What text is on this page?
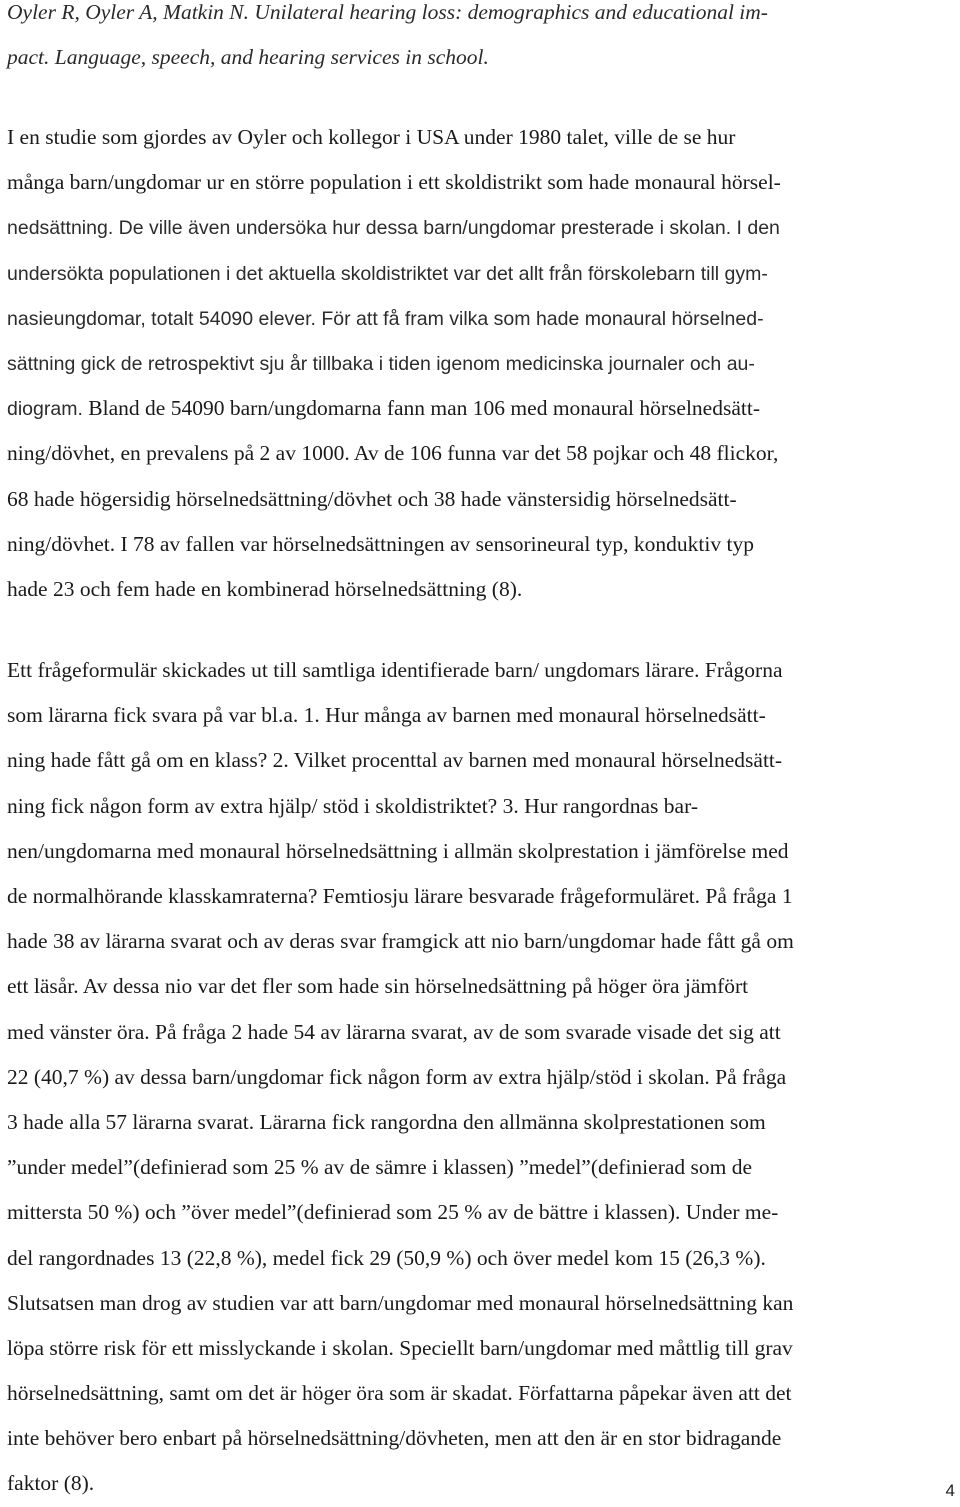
Oyler R, Oyler A, Matkin N. Unilateral hearing loss: demographics and educational im-

pact. Language, speech, and hearing services in school.

I en studie som gjordes av Oyler och kollegor i USA under 1980 talet, ville de se hur
många barn/ungdomar ur en större population i ett skoldistrikt som hade monaural hörsel-
nedsättning. De ville även undersöka hur dessa barn/ungdomar presterade i skolan. I den
undersökta populationen i det aktuella skoldistriktet var det allt från förskolebarn till gym-
nasieungdomar, totalt 54090 elever. För att få fram vilka som hade monaural hörselned-
sättning gick de retrospektivt sju år tillbaka i tiden igenom medicinska journaler och au-
diogram. Bland de 54090 barn/ungdomarna fann man 106 med monaural hörselnedsätt-
ning/dövhet, en prevalens på 2 av 1000. Av de 106 funna var det 58 pojkar och 48 flickor,
68 hade högersidig hörselnedsättning/dövhet och 38 hade vänstersidig hörselnedsätt-
ning/dövhet. I 78 av fallen var hörselnedsättningen av sensorineural typ, konduktiv typ
hade 23 och fem hade en kombinerad hörselnedsättning (8).
Ett frågeformulär skickades ut till samtliga identifierade barn/ ungdomars lärare. Frågorna
som lärarna fick svara på var bl.a. 1. Hur många av barnen med monaural hörselnedsätt-
ning hade fått gå om en klass? 2. Vilket procenttal av barnen med monaural hörselnedsätt-
ning fick någon form av extra hjälp/ stöd i skoldistriktet? 3. Hur rangordnas bar-
nen/ungdomarna med monaural hörselnedsättning i allmän skolprestation i jämförelse med
de normalhörande klasskamraterna? Femtiosju lärare besvarade frågeformuläret. På fråga 1
hade 38 av lärarna svarat och av deras svar framgick att nio barn/ungdomar hade fått gå om
ett läsår. Av dessa nio var det fler som hade sin hörselnedsättning på höger öra jämfört
med vänster öra. På fråga 2 hade 54 av lärarna svarat, av de som svarade visade det sig att
22 (40,7 %) av dessa barn/ungdomar fick någon form av extra hjälp/stöd i skolan. På fråga
3 hade alla 57 lärarna svarat. Lärarna fick rangordna den allmänna skolprestationen som
”under medel”(definierad som 25 % av de sämre i klassen) ”medel”(definierad som de
mittersta 50 %) och ”över medel”(definierad som 25 % av de bättre i klassen). Under me-
del rangordnades 13 (22,8 %), medel fick 29 (50,9 %) och över medel kom 15 (26,3 %).
Slutsatsen man drog av studien var att barn/ungdomar med monaural hörselnedsättning kan
löpa större risk för ett misslyckande i skolan. Speciellt barn/ungdomar med måttlig till grav
hörselnedsättning, samt om det är höger öra som är skadat. Författarna påpekar även att det
inte behöver bero enbart på hörselnedsättning/dövheten, men att den är en stor bidragande
faktor (8).	4
